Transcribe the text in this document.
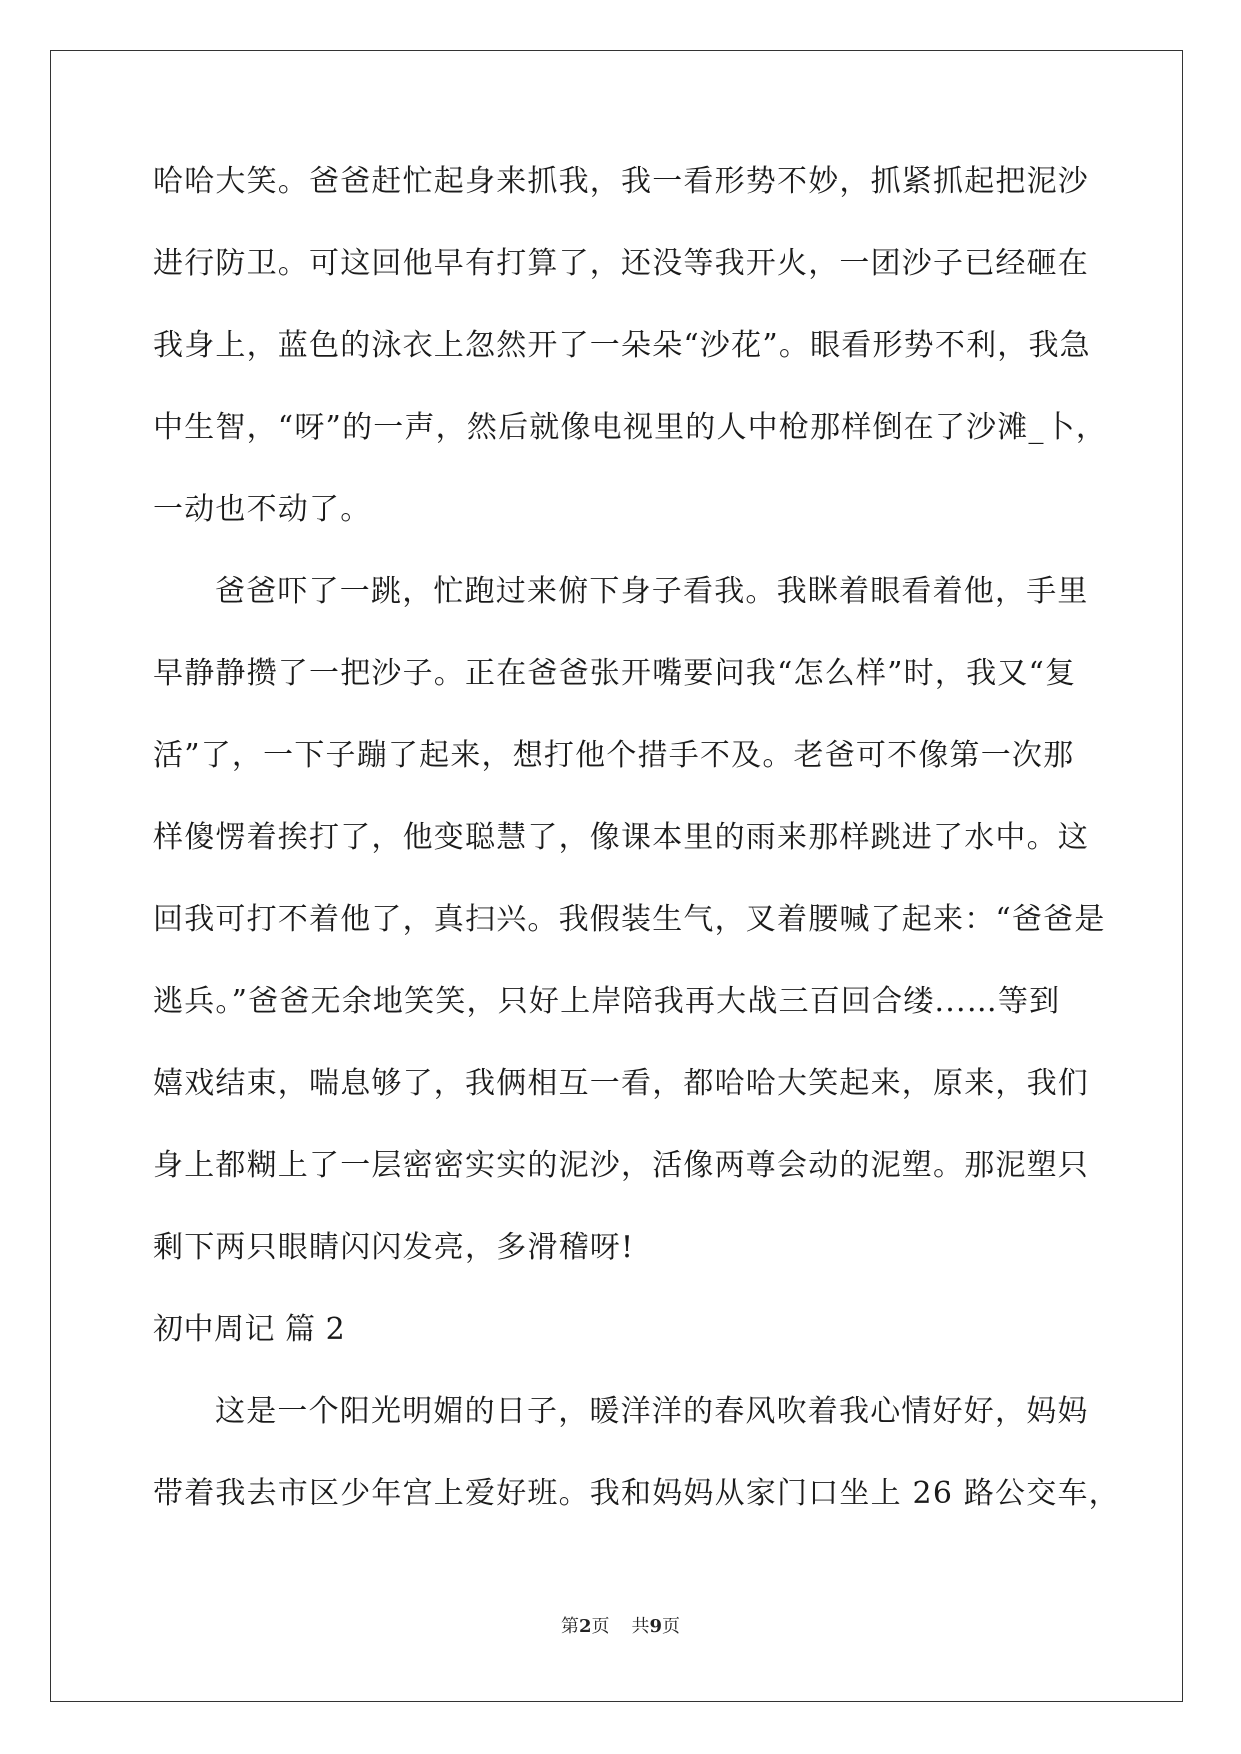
哈哈大笑。爸爸赶忙起身来抓我，我一看形势不妙，抓紧抓起把泥沙
进行防卫。可这回他早有打算了，还没等我开火，一团沙子已经砸在
我身上，蓝色的泳衣上忽然开了一朵朵“沙花”。眼看形势不利，我急
中生智，“呀”的一声，然后就像电视里的人中枪那样倒在了沙滩_卜，
一动也不动了。
爸爸吓了一跳，忙跑过来俯下身子看我。我眯着眼看着他，手里
早静静攒了一把沙子。正在爸爸张开嘴要问我“怎么样”时，我又“复
活”了，一下子蹦了起来，想打他个措手不及。老爸可不像第一次那
样傻愣着挨打了，他变聪慧了，像课本里的雨来那样跳进了水中。这
回我可打不着他了，真扫兴。我假装生气，叉着腰喊了起来：“爸爸是
逃兵。”爸爸无余地笑笑，只好上岸陪我再大战三百回合缕...…等到
嬉戏结束，喘息够了，我俩相互一看，都哈哈大笑起来，原来，我们
身上都糊上了一层密密实实的泥沙，活像两尊会动的泥塑。那泥塑只
剩下两只眼睛闪闪发亮，多滑稽呀!
初中周记 篇 2
这是一个阳光明媚的日子，暖洋洋的春风吹着我心情好好，妈妈
带着我去市区少年宫上爱好班。我和妈妈从家门口坐上 26 路公交车，
第2页 共9页
